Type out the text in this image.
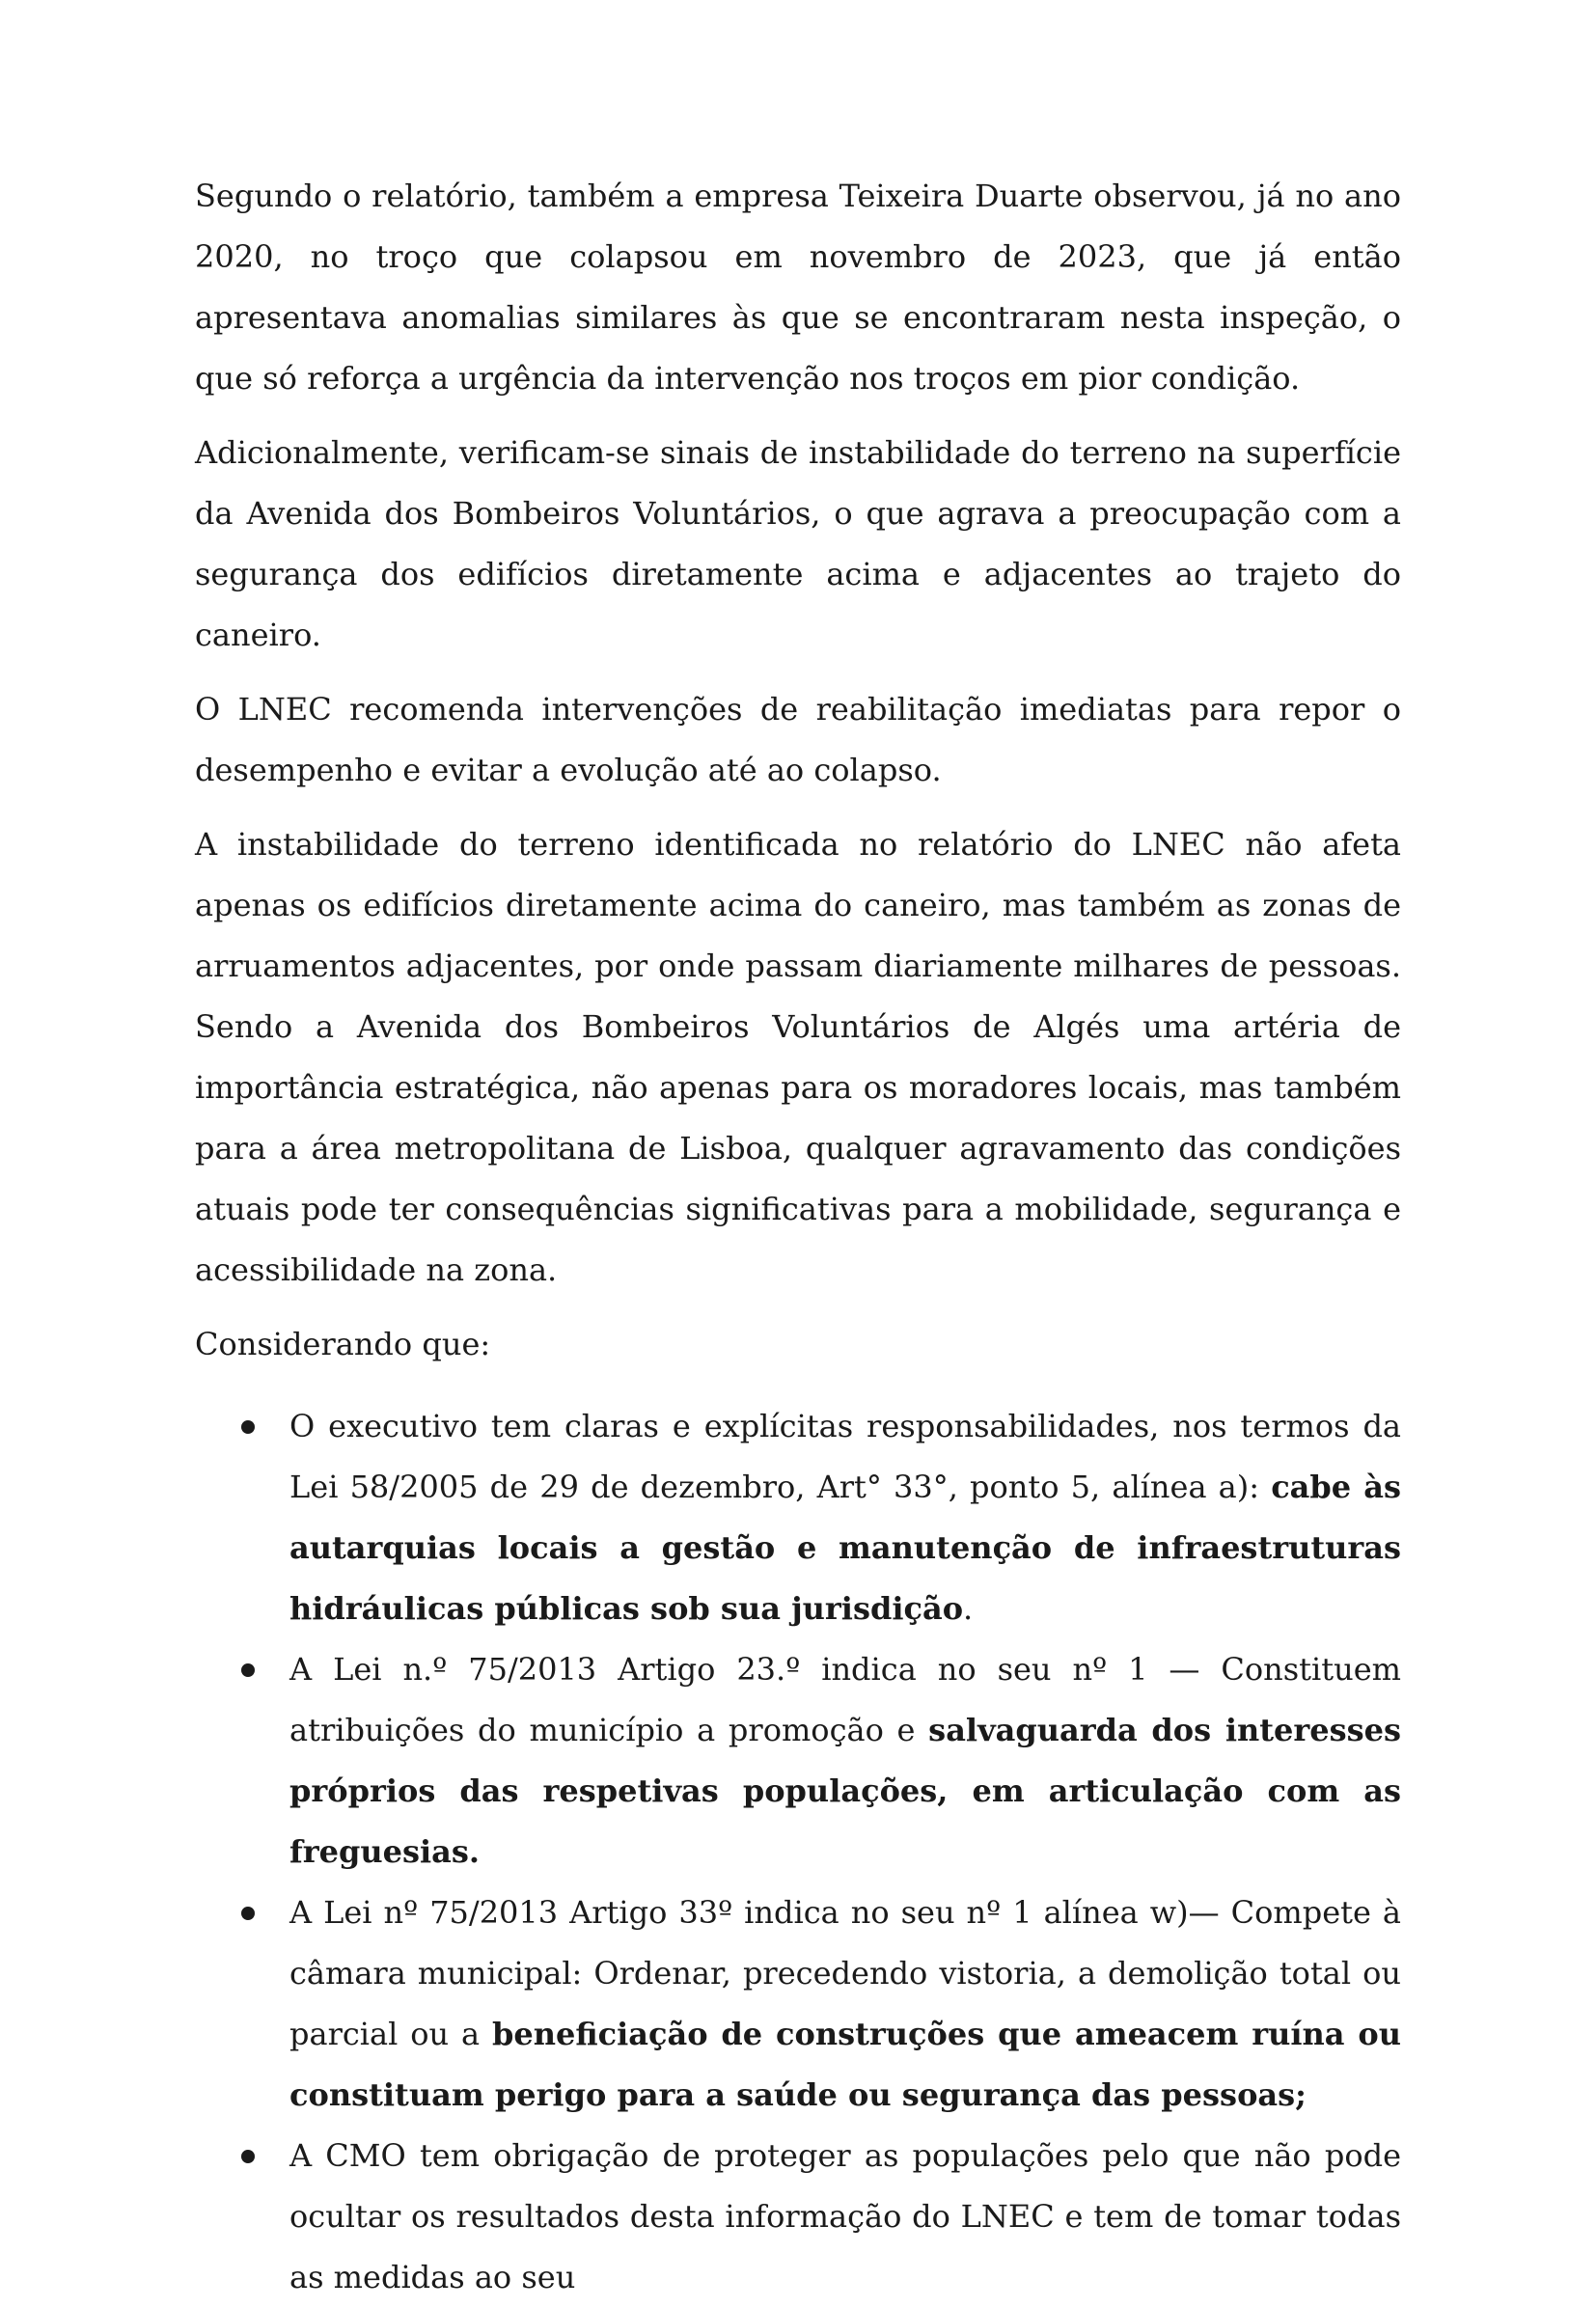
Segundo o relatório, também a empresa Teixeira Duarte observou, já no ano 2020, no troço que colapsou em novembro de 2023, que já então apresentava anomalias similares às que se encontraram nesta inspeção, o que só reforça a urgência da intervenção nos troços em pior condição.

Adicionalmente, verificam-se sinais de instabilidade do terreno na superfície da Avenida dos Bombeiros Voluntários, o que agrava a preocupação com a segurança dos edifícios diretamente acima e adjacentes ao trajeto do caneiro.

O LNEC recomenda intervenções de reabilitação imediatas para repor o desempenho e evitar a evolução até ao colapso.

A instabilidade do terreno identificada no relatório do LNEC não afeta apenas os edifícios diretamente acima do caneiro, mas também as zonas de arruamentos adjacentes, por onde passam diariamente milhares de pessoas. Sendo a Avenida dos Bombeiros Voluntários de Algés uma artéria de importância estratégica, não apenas para os moradores locais, mas também para a área metropolitana de Lisboa, qualquer agravamento das condições atuais pode ter consequências significativas para a mobilidade, segurança e acessibilidade na zona.

Considerando que:

O executivo tem claras e explícitas responsabilidades, nos termos da Lei 58/2005 de 29 de dezembro, Art° 33°, ponto 5, alínea a): cabe às autarquias locais a gestão e manutenção de infraestruturas hidráulicas públicas sob sua jurisdição.
A Lei n.º 75/2013 Artigo 23.º indica no seu nº 1 — Constituem atribuições do município a promoção e salvaguarda dos interesses próprios das respetivas populações, em articulação com as freguesias.
A Lei nº 75/2013 Artigo 33º indica no seu nº 1 alínea w)— Compete à câmara municipal: Ordenar, precedendo vistoria, a demolição total ou parcial ou a beneficiação de construções que ameacem ruína ou constituam perigo para a saúde ou segurança das pessoas;
A CMO tem obrigação de proteger as populações pelo que não pode ocultar os resultados desta informação do LNEC e tem de tomar todas as medidas ao seu
